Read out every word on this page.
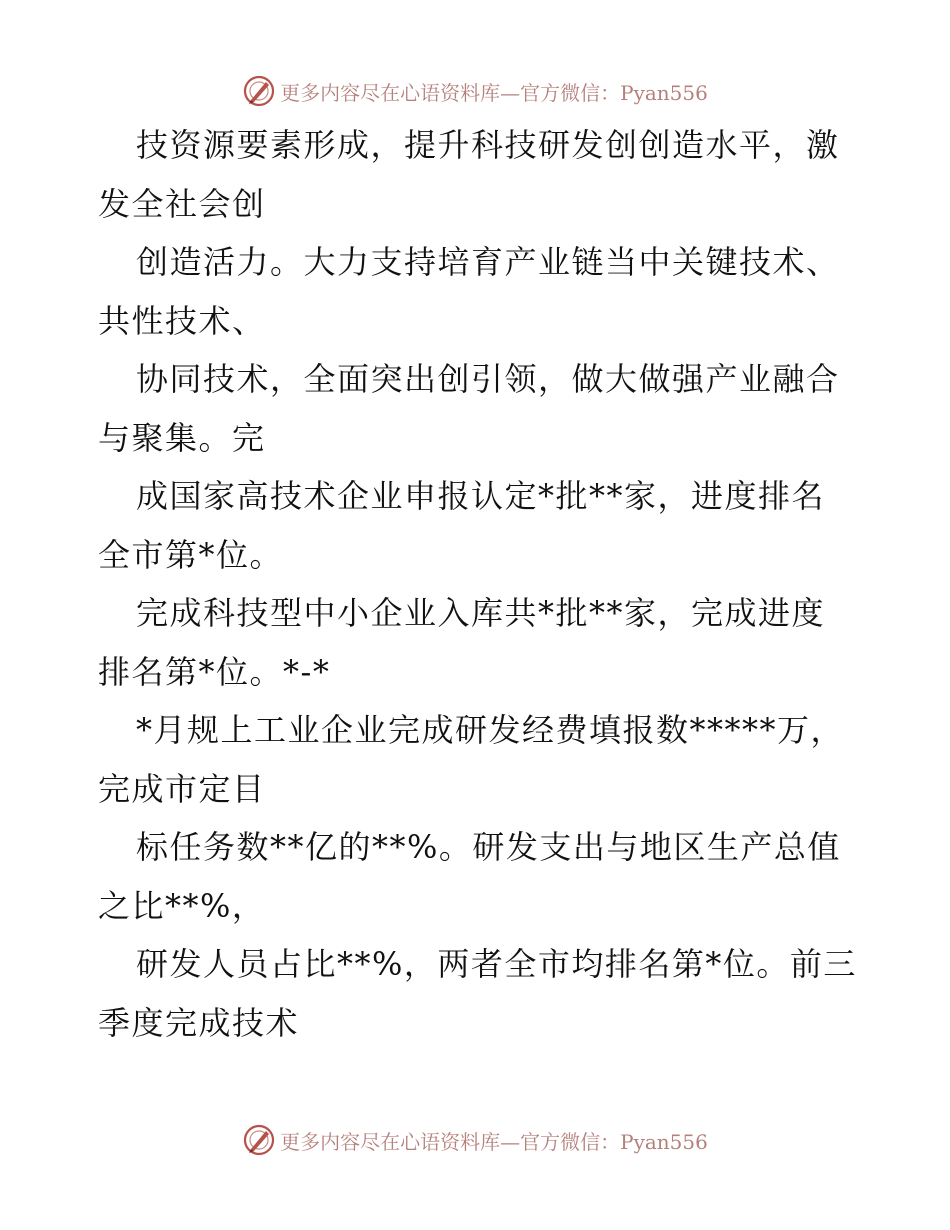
更多内容尽在心语资料库—官方微信：Pyan556
技资源要素形成，提升科技研发创创造水平，激
发全社会创
创造活力。大力支持培育产业链当中关键技术、
共性技术、
协同技术，全面突出创引领，做大做强产业融合
与聚集。完
成国家高技术企业申报认定*批**家，进度排名
全市第*位。
完成科技型中小企业入库共*批**家，完成进度
排名第*位。*-*
*月规上工业企业完成研发经费填报数*****万，
完成市定目
标任务数**亿的**%。研发支出与地区生产总值
之比**%，
研发人员占比**%，两者全市均排名第*位。前三
季度完成技术
更多内容尽在心语资料库—官方微信：Pyan556
